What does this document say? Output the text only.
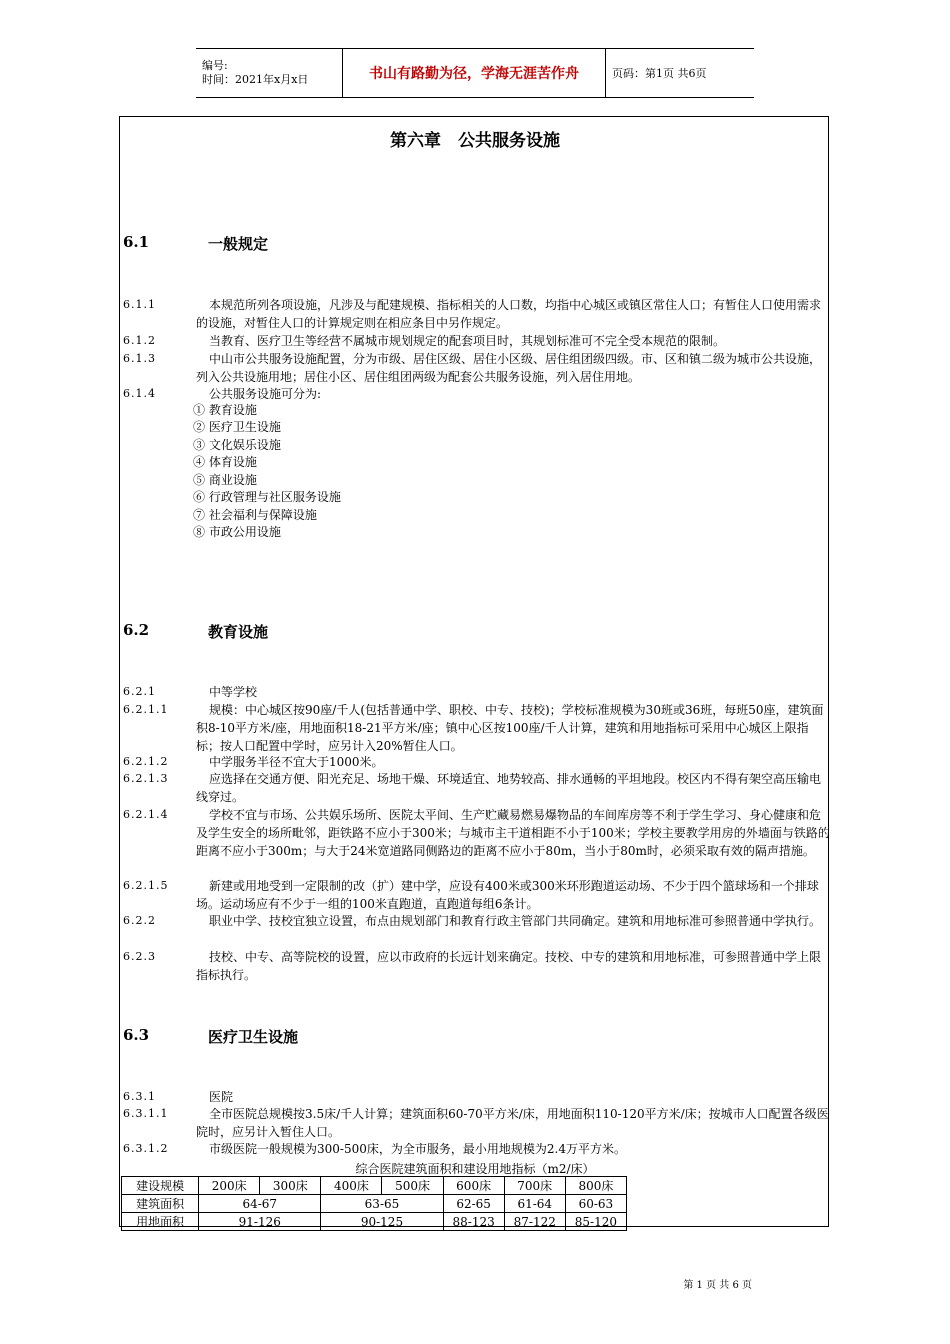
编号:
时间：2021年x月x日	书山有路勤为径，学海无涯苦作舟	页码：第1页 共6页
第六章　公共服务设施
6.1	一般规定
6.1.1	本规范所列各项设施，凡涉及与配建规模、指标相关的人口数，均指中心城区或镇区常住人口；有暂住人口使用需求的设施，对暂住人口的计算规定则在相应条目中另作规定。
6.1.2	当教育、医疗卫生等经营不属城市规划规定的配套项目时，其规划标准可不完全受本规范的限制。
6.1.3	中山市公共服务设施配置，分为市级、居住区级、居住小区级、居住组团级四级。市、区和镇二级为城市公共设施，列入公共设施用地；居住小区、居住组团两级为配套公共服务设施，列入居住用地。
6.1.4	公共服务设施可分为:
① 教育设施
② 医疗卫生设施
③ 文化娱乐设施
④ 体育设施
⑤ 商业设施
⑥ 行政管理与社区服务设施
⑦ 社会福利与保障设施
⑧ 市政公用设施
6.2	教育设施
6.2.1	中等学校
6.2.1.1	规模：中心城区按90座/千人(包括普通中学、职校、中专、技校)；学校标准规模为30班或36班，每班50座，建筑面积8-10平方米/座，用地面积18-21平方米/座；镇中心区按100座/千人计算，建筑和用地指标可采用中心城区上限指标；按人口配置中学时，应另计入20%暂住人口。
6.2.1.2	中学服务半径不宜大于1000米。
6.2.1.3	应选择在交通方便、阳光充足、场地干燥、环境适宜、地势较高、排水通畅的平坦地段。校区内不得有架空高压输电线穿过。
6.2.1.4	学校不宜与市场、公共娱乐场所、医院太平间、生产贮藏易燃易爆物品的车间库房等不利于学生学习、身心健康和危及学生安全的场所毗邻，距铁路不应小于300米；与城市主干道相距不小于100米；学校主要教学用房的外墙面与铁路的距离不应小于300m；与大于24米宽道路同侧路边的距离不应小于80m，当小于80m时，必须采取有效的隔声措施。
6.2.1.5	新建或用地受到一定限制的改（扩）建中学，应设有400米或300米环形跑道运动场、不少于四个篮球场和一个排球场。运动场应有不少于一组的100米直跑道，直跑道每组6条计。
6.2.2	职业中学、技校宜独立设置，布点由规划部门和教育行政主管部门共同确定。建筑和用地标准可参照普通中学执行。
6.2.3	技校、中专、高等院校的设置，应以市政府的长远计划来确定。技校、中专的建筑和用地标准，可参照普通中学上限指标执行。
6.3	医疗卫生设施
6.3.1	医院
6.3.1.1	全市医院总规模按3.5床/千人计算；建筑面积60-70平方米/床，用地面积110-120平方米/床；按城市人口配置各级医院时，应另计入暂住人口。
6.3.1.2	市级医院一般规模为300-500床，为全市服务，最小用地规模为2.4万平方米。
综合医院建筑面积和建设用地指标（m2/床）
建设规模	200床	300床	400床	500床	600床	700床	800床
建筑面积	64-67		63-65		62-65	61-64	60-63
用地面积	91-126		90-125		88-123	87-122	85-120
第 1 页 共 6 页
